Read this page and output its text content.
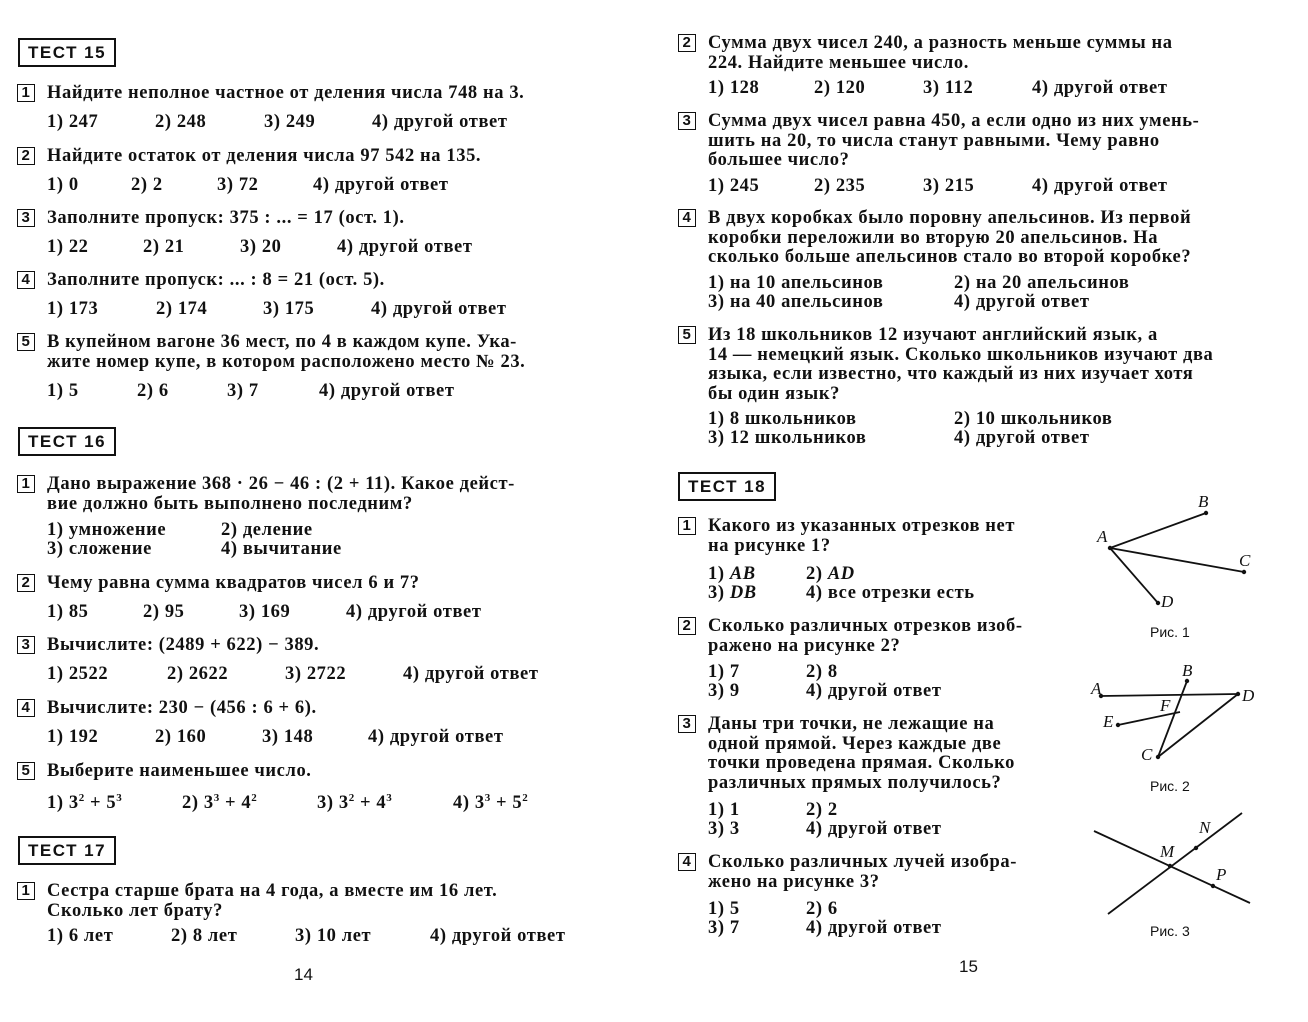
ТЕСТ 15
1 Найдите неполное частное от деления числа 748 на 3.
1) 247	2) 248	3) 249	4) другой ответ
2 Найдите остаток от деления числа 97 542 на 135.
1) 0	2) 2	3) 72	4) другой ответ
3 Заполните пропуск: 375 : ... = 17 (ост. 1).
1) 22	2) 21	3) 20	4) другой ответ
4 Заполните пропуск: ... : 8 = 21 (ост. 5).
1) 173	2) 174	3) 175	4) другой ответ
5 В купейном вагоне 36 мест, по 4 в каждом купе. Ука-
жите номер купе, в котором расположено место № 23.
1) 5	2) 6	3) 7	4) другой ответ
ТЕСТ 16
1 Дано выражение 368 · 26 − 46 : (2 + 11). Какое дейст-
вие должно быть выполнено последним?
1) умножение	2) деление
3) сложение	4) вычитание
2 Чему равна сумма квадратов чисел 6 и 7?
1) 85	2) 95	3) 169	4) другой ответ
3 Вычислите: (2489 + 622) − 389.
1) 2522	2) 2622	3) 2722	4) другой ответ
4 Вычислите: 230 − (456 : 6 + 6).
1) 192	2) 160	3) 148	4) другой ответ
5 Выберите наименьшее число.
1) $3^2 + 5^3$	2) $3^3 + 4^2$	3) $3^2 + 4^3$	4) $3^3 + 5^2$
ТЕСТ 17
1 Сестра старше брата на 4 года, а вместе им 16 лет.
Сколько лет брату?
1) 6 лет	2) 8 лет	3) 10 лет	4) другой ответ
14
2 Сумма двух чисел 240, а разность меньше суммы на
224. Найдите меньшее число.
1) 128	2) 120	3) 112	4) другой ответ
3 Сумма двух чисел равна 450, а если одно из них умень-
шить на 20, то числа станут равными. Чему равно
большее число?
1) 245	2) 235	3) 215	4) другой ответ
4 В двух коробках было поровну апельсинов. Из первой
коробки переложили во вторую 20 апельсинов. На
сколько больше апельсинов стало во второй коробке?
1) на 10 апельсинов	2) на 20 апельсинов
3) на 40 апельсинов	4) другой ответ
5 Из 18 школьников 12 изучают английский язык, а
14 — немецкий язык. Сколько школьников изучают два
языка, если известно, что каждый из них изучает хотя
бы один язык?
1) 8 школьников	2) 10 школьников
3) 12 школьников	4) другой ответ
ТЕСТ 18
1 Какого из указанных отрезков нет
на рисунке 1?
1) AB	2) AD
3) DB	4) все отрезки есть
2 Сколько различных отрезков изоб-
ражено на рисунке 2?
1) 7	2) 8
3) 9	4) другой ответ
3 Даны три точки, не лежащие на
одной прямой. Через каждые две
точки проведена прямая. Сколько
различных прямых получилось?
1) 1	2) 2
3) 3	4) другой ответ
4 Сколько различных лучей изобра-
жено на рисунке 3?
1) 5	2) 6
3) 7	4) другой ответ
A
B
C
D
A
B
C
D
E
F
M
N
P
Рис. 1
Рис. 2
Рис. 3
15
